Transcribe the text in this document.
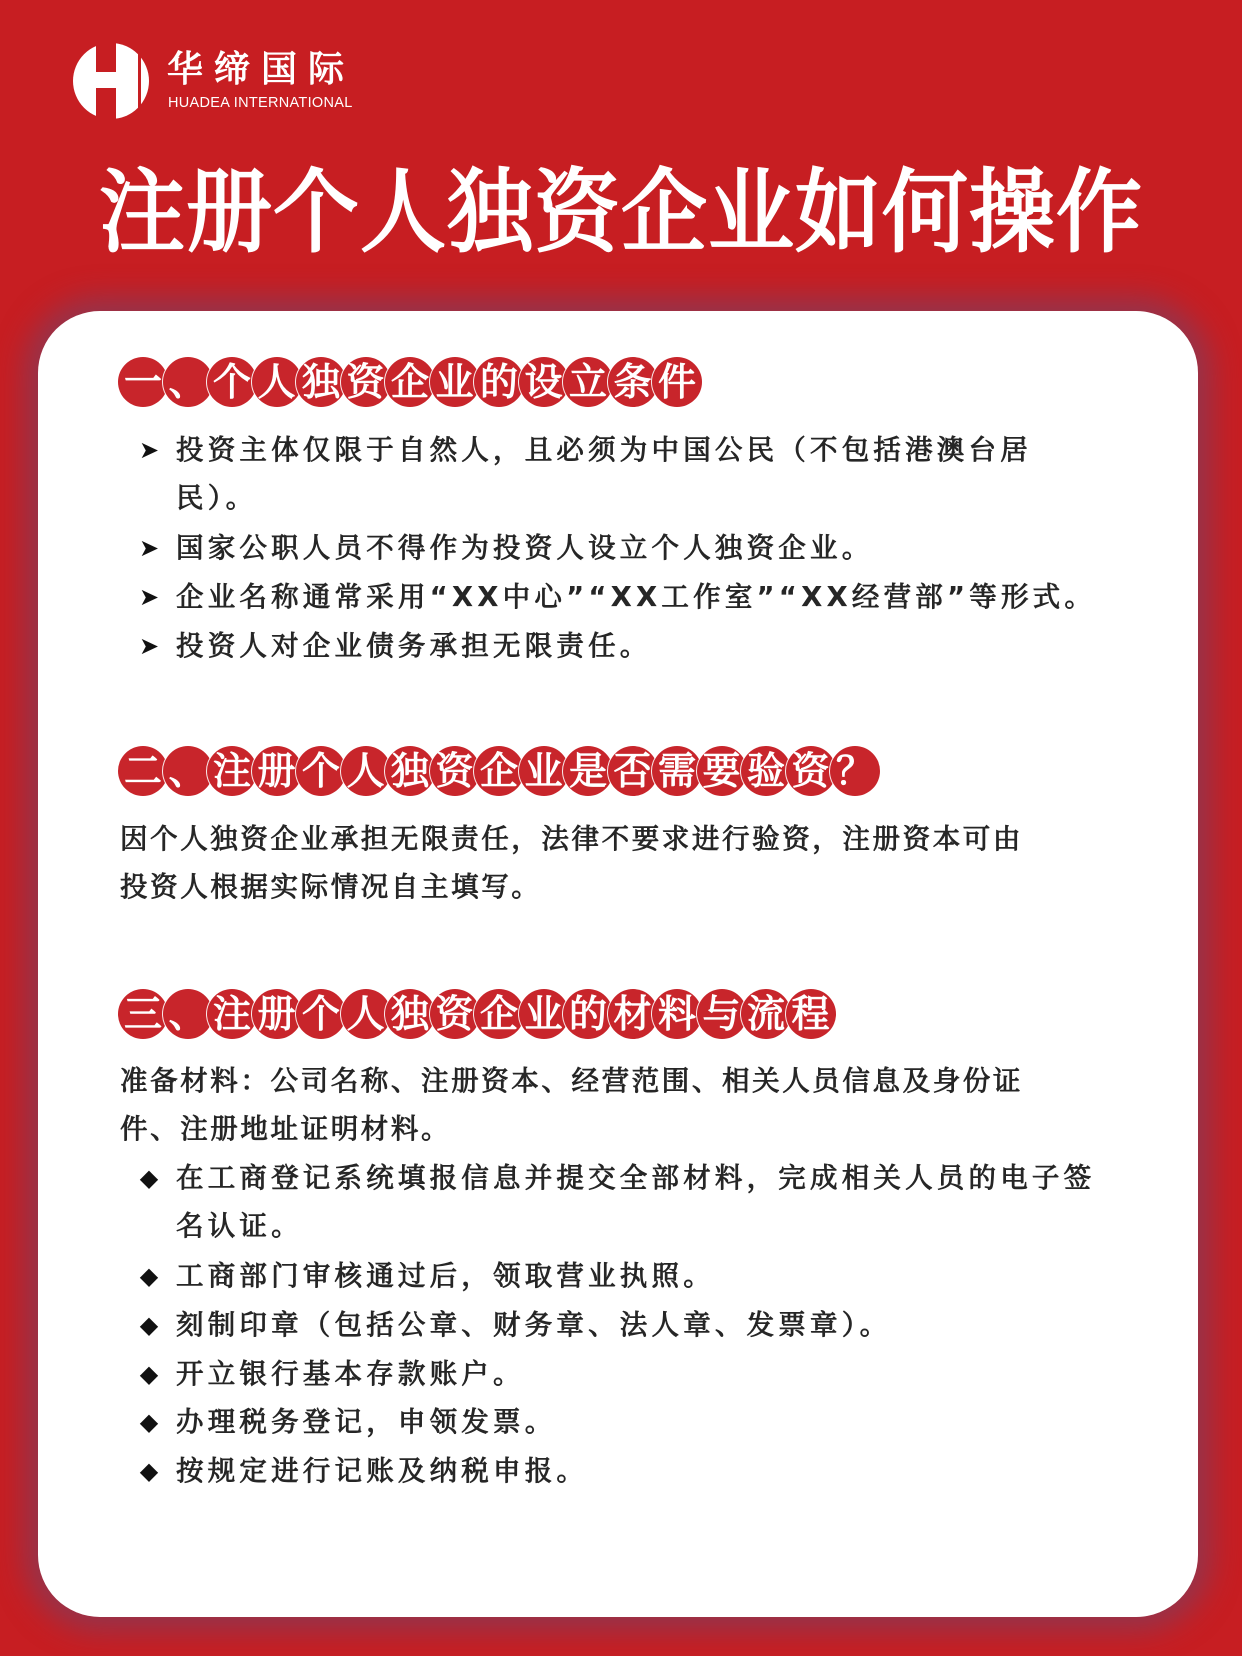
华缔国际
HUADEA INTERNATIONAL
注册个人独资企业如何操作
一 、 个 人 独 资 企 业 的 设 立 条 件
➤ 投资主体仅限于自然人，且必须为中国公民（不包括港澳台居
民）。
➤ 国家公职人员不得作为投资人设立个人独资企业。
➤ 企业名称通常采用“XX中心”“XX工作室”“XX经营部”等形式。
➤ 投资人对企业债务承担无限责任。
二 、 注 册 个 人 独 资 企 业 是 否 需 要 验 资 ？
因个人独资企业承担无限责任，法律不要求进行验资，注册资本可由
投资人根据实际情况自主填写。
三 、 注 册 个 人 独 资 企 业 的 材 料 与 流 程
准备材料：公司名称、注册资本、经营范围、相关人员信息及身份证
件、注册地址证明材料。
◆ 在工商登记系统填报信息并提交全部材料，完成相关人员的电子签
名认证。
◆ 工商部门审核通过后，领取营业执照。
◆ 刻制印章（包括公章、财务章、法人章、发票章）。
◆ 开立银行基本存款账户。
◆ 办理税务登记，申领发票。
◆ 按规定进行记账及纳税申报。
